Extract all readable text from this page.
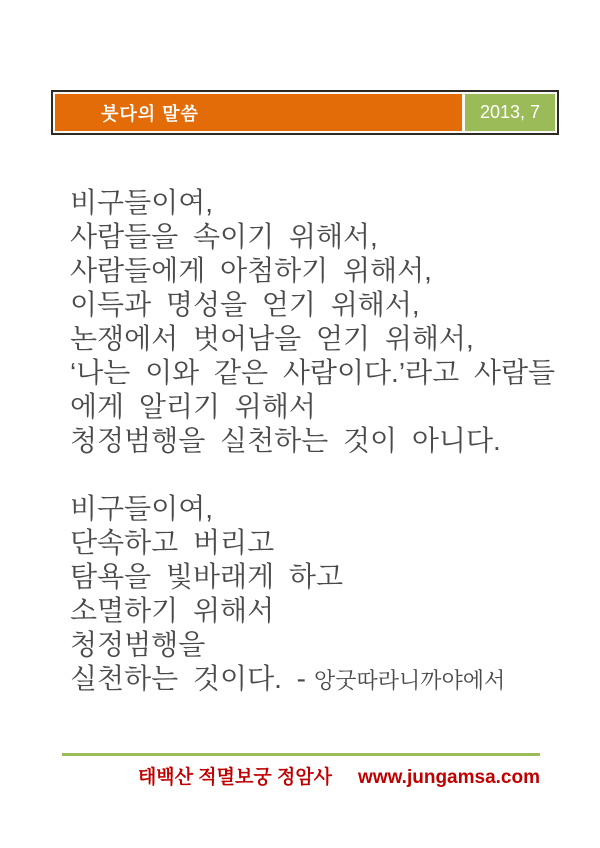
붓다의 말씀	2013, 7
비구들이여,
사람들을 속이기 위해서,
사람들에게 아첨하기 위해서,
이득과 명성을 얻기 위해서,
논쟁에서 벗어남을 얻기 위해서,
‘나는 이와 같은 사람이다.’라고 사람들
에게 알리기 위해서
청정범행을 실천하는 것이 아니다.
비구들이여,
단속하고 버리고
탐욕을 빛바래게 하고
소멸하기 위해서
청정범행을
실천하는 것이다. - 앙굿따라니까야에서
태백산 적멸보궁 정암사 www.jungamsa.com
